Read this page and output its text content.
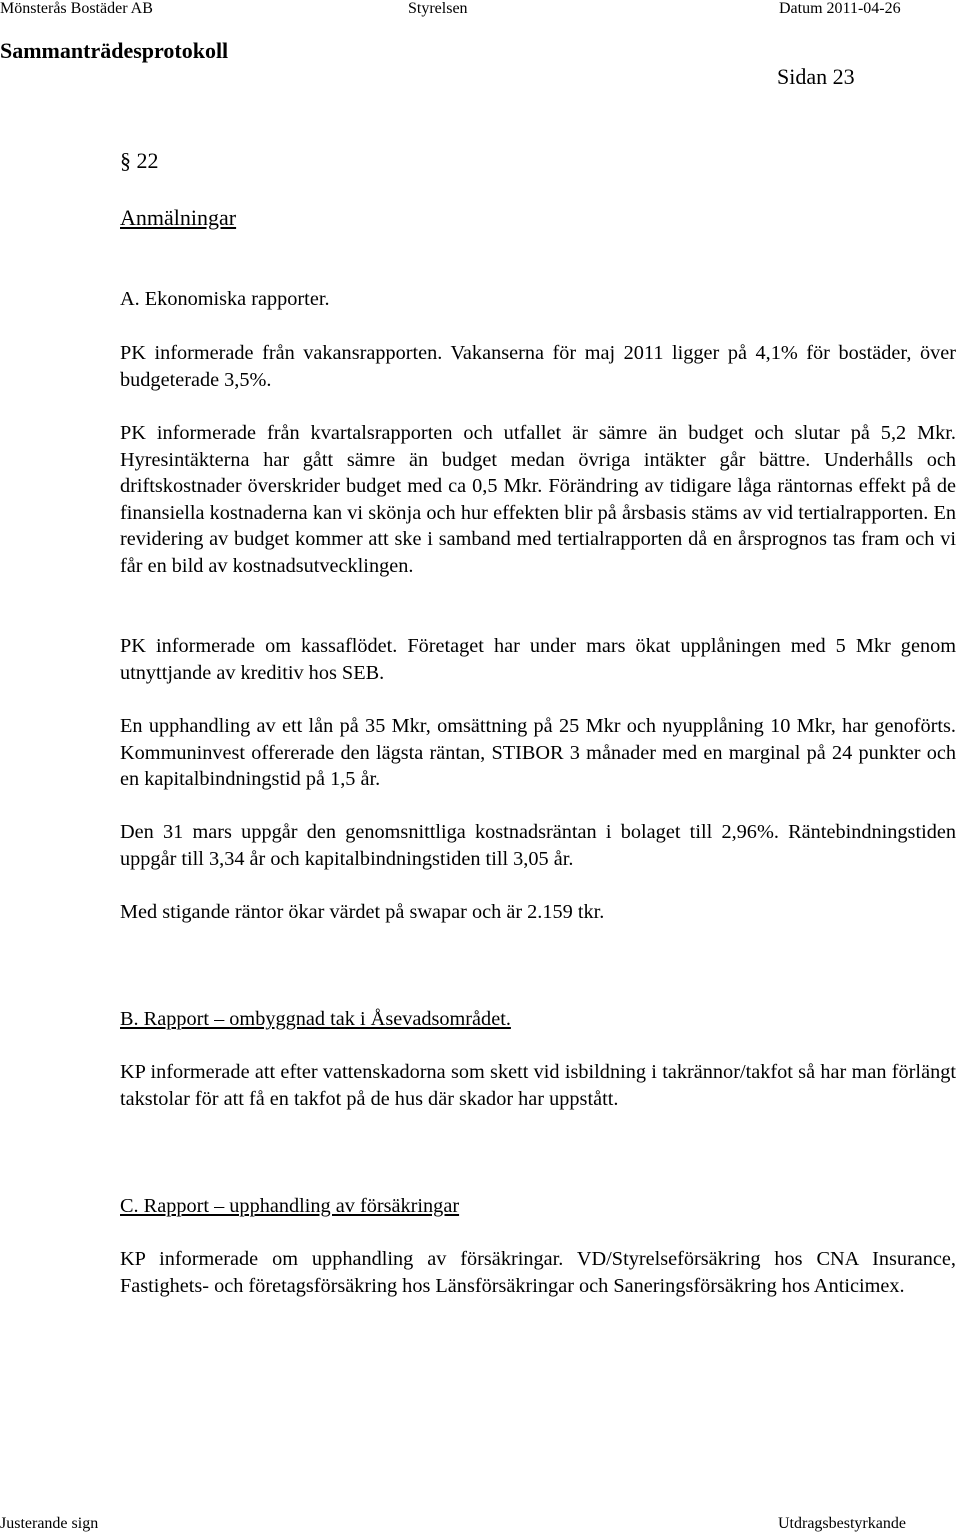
Mönsterås Bostäder AB	Styrelsen	Datum 2011-04-26
Sammanträdesprotokoll
Sidan 23
§ 22
Anmälningar

A. Ekonomiska rapporter.

PK informerade från vakansrapporten. Vakanserna för maj 2011 ligger på 4,1% för bostäder, över budgeterade 3,5%.

PK informerade från kvartalsrapporten och utfallet är sämre än budget och slutar på 5,2 Mkr. Hyresintäkterna har gått sämre än budget medan övriga intäkter går bättre. Underhålls och driftskostnader överskrider budget med ca 0,5 Mkr. Förändring av tidigare låga räntornas effekt på de finansiella kostnaderna kan vi skönja och hur effekten blir på årsbasis stäms av vid tertialrapporten. En revidering av budget kommer att ske i samband med tertialrapporten då en årsprognos tas fram och vi får en bild av kostnadsutvecklingen.

PK informerade om kassaflödet. Företaget har under mars ökat upplåningen med 5 Mkr genom utnyttjande av kreditiv hos SEB.

En upphandling av ett lån på 35 Mkr, omsättning på 25 Mkr och nyupplåning 10 Mkr, har genoförts. Kommuninvest offererade den lägsta räntan, STIBOR 3 månader med en marginal på 24 punkter och en kapitalbindningstid på 1,5 år.

Den 31 mars uppgår den genomsnittliga kostnadsräntan i bolaget till 2,96%. Räntebindningstiden uppgår till 3,34 år och kapitalbindningstiden till 3,05 år.

Med stigande räntor ökar värdet på swapar och är 2.159 tkr.

B. Rapport – ombyggnad tak i Åsevadsområdet.

KP informerade att efter vattenskadorna som skett vid isbildning i takrännor/takfot så har man förlängt takstolar för att få en takfot på de hus där skador har uppstått.

C. Rapport – upphandling av försäkringar

KP informerade om upphandling av försäkringar. VD/Styrelseförsäkring hos CNA Insurance, Fastighets- och företagsförsäkring hos Länsförsäkringar och Saneringsförsäkring hos Anticimex.

Justerande sign	Utdragsbestyrkande
